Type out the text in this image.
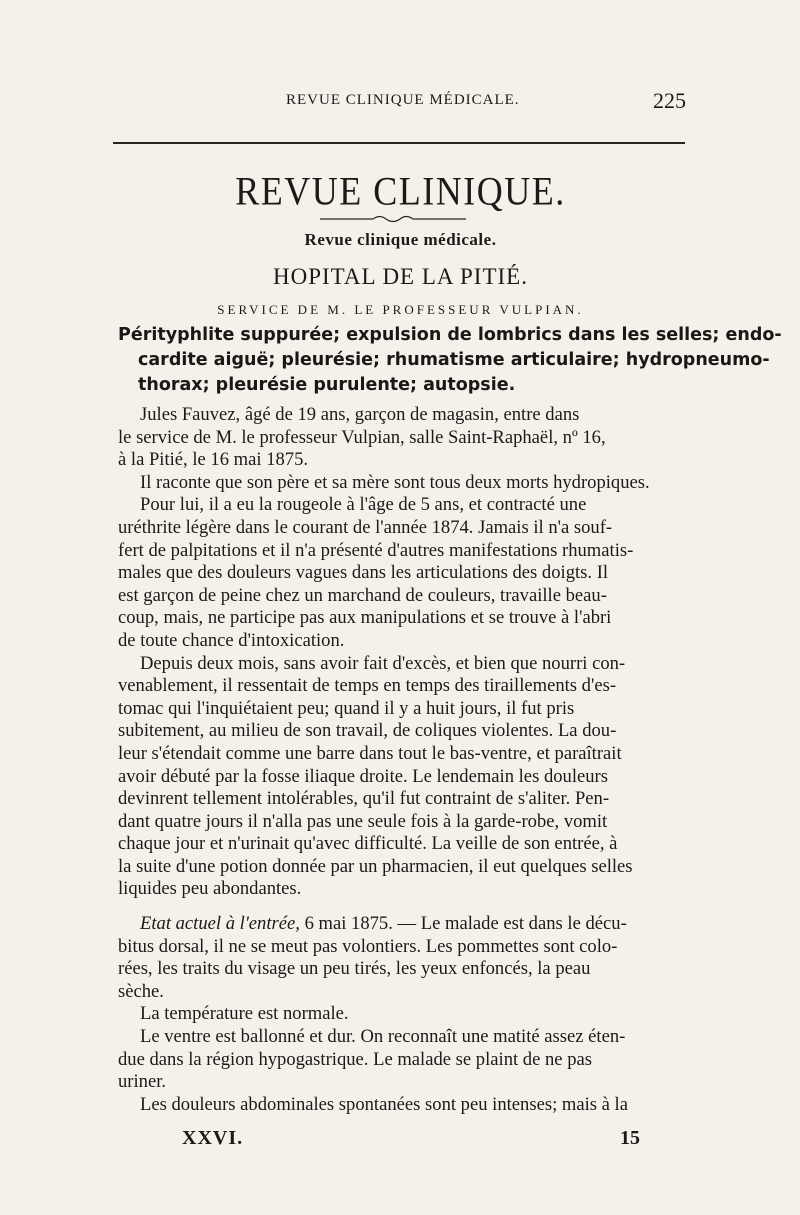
REVUE CLINIQUE MÉDICALE.	225
REVUE CLINIQUE.
Revue clinique médicale.
HOPITAL DE LA PITIÉ.
SERVICE DE M. LE PROFESSEUR VULPIAN.
Pérityphlite suppurée; expulsion de lombrics dans les selles; endo-
cardite aiguë; pleurésie; rhumatisme articulaire; hydropneumo-
thorax; pleurésie purulente; autopsie.
Jules Fauvez, âgé de 19 ans, garçon de magasin, entre dans
le service de M. le professeur Vulpian, salle Saint-Raphaël, nº 16,
à la Pitié, le 16 mai 1875.
Il raconte que son père et sa mère sont tous deux morts hydropiques.
Pour lui, il a eu la rougeole à l'âge de 5 ans, et contracté une
uréthrite légère dans le courant de l'année 1874. Jamais il n'a souf-
fert de palpitations et il n'a présenté d'autres manifestations rhumatis-
males que des douleurs vagues dans les articulations des doigts. Il
est garçon de peine chez un marchand de couleurs, travaille beau-
coup, mais, ne participe pas aux manipulations et se trouve à l'abri
de toute chance d'intoxication.
Depuis deux mois, sans avoir fait d'excès, et bien que nourri con-
venablement, il ressentait de temps en temps des tiraillements d'es-
tomac qui l'inquiétaient peu; quand il y a huit jours, il fut pris
subitement, au milieu de son travail, de coliques violentes. La dou-
leur s'étendait comme une barre dans tout le bas-ventre, et paraîtrait
avoir débuté par la fosse iliaque droite. Le lendemain les douleurs
devinrent tellement intolérables, qu'il fut contraint de s'aliter. Pen-
dant quatre jours il n'alla pas une seule fois à la garde-robe, vomit
chaque jour et n'urinait qu'avec difficulté. La veille de son entrée, à
la suite d'une potion donnée par un pharmacien, il eut quelques selles
liquides peu abondantes.
Etat actuel à l'entrée, 6 mai 1875. — Le malade est dans le décu-
bitus dorsal, il ne se meut pas volontiers. Les pommettes sont colo-
rées, les traits du visage un peu tirés, les yeux enfoncés, la peau
sèche.
La température est normale.
Le ventre est ballonné et dur. On reconnaît une matité assez éten-
due dans la région hypogastrique. Le malade se plaint de ne pas
uriner.
Les douleurs abdominales spontanées sont peu intenses; mais à la
XXVI.	15
